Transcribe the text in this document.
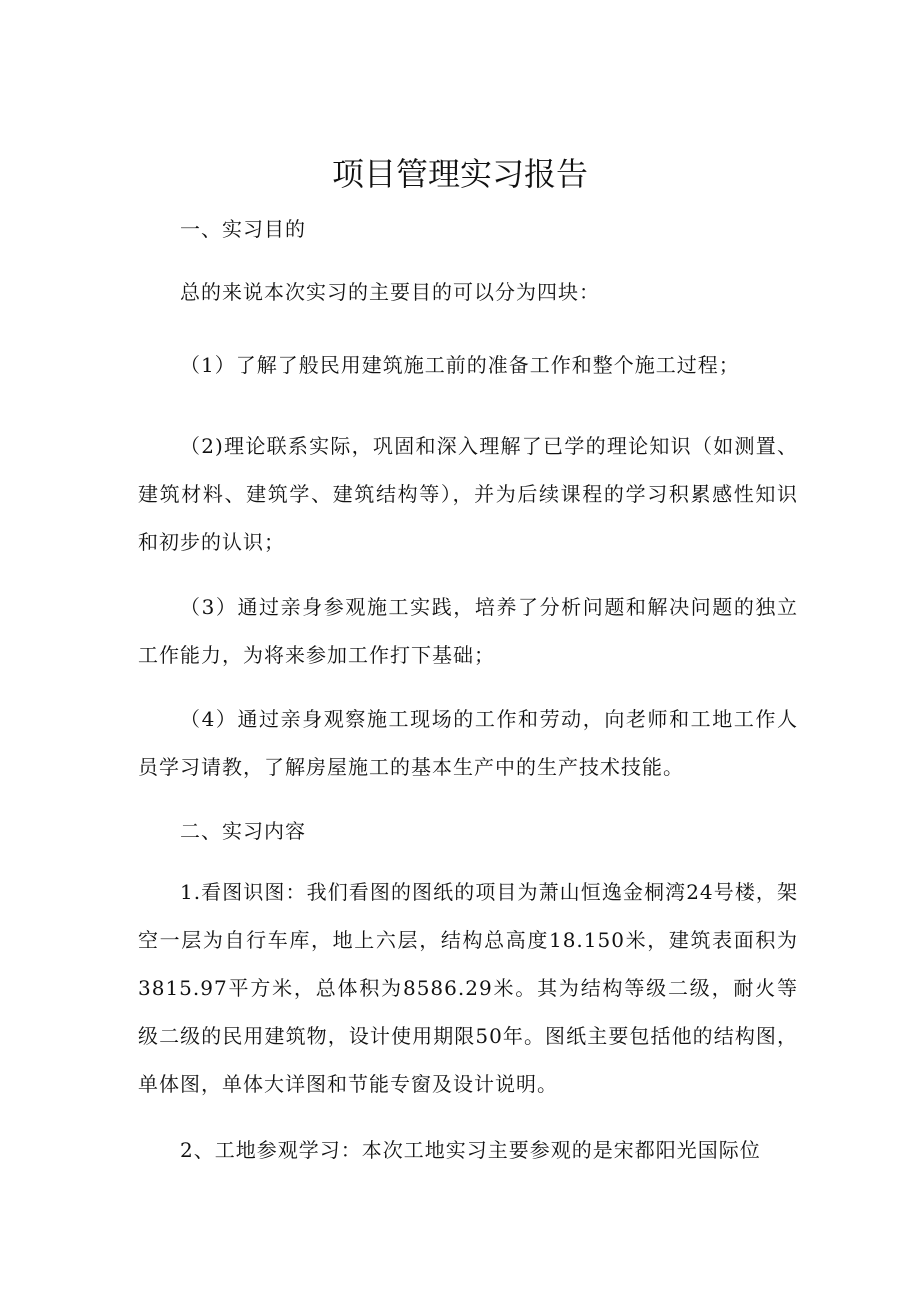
项目管理实习报告

一、实习目的

总的来说本次实习的主要目的可以分为四块：

（1）了解了般民用建筑施工前的准备工作和整个施工过程；

（2)理论联系实际，巩固和深入理解了已学的理论知识（如测置、建筑材料、建筑学、建筑结构等），并为后续课程的学习积累感性知识和初步的认识；

（3）通过亲身参观施工实践，培养了分析问题和解决问题的独立工作能力，为将来参加工作打下基础；

（4）通过亲身观察施工现场的工作和劳动，向老师和工地工作人员学习请教，了解房屋施工的基本生产中的生产技术技能。

二、实习内容

1.看图识图：我们看图的图纸的项目为萧山恒逸金桐湾24号楼，架空一层为自行车库，地上六层，结构总高度18.150米，建筑表面积为3815.97平方米，总体积为8586.29米。其为结构等级二级，耐火等级二级的民用建筑物，设计使用期限50年。图纸主要包括他的结构图，单体图，单体大详图和节能专窗及设计说明。

2、工地参观学习：本次工地实习主要参观的是宋都阳光国际位
